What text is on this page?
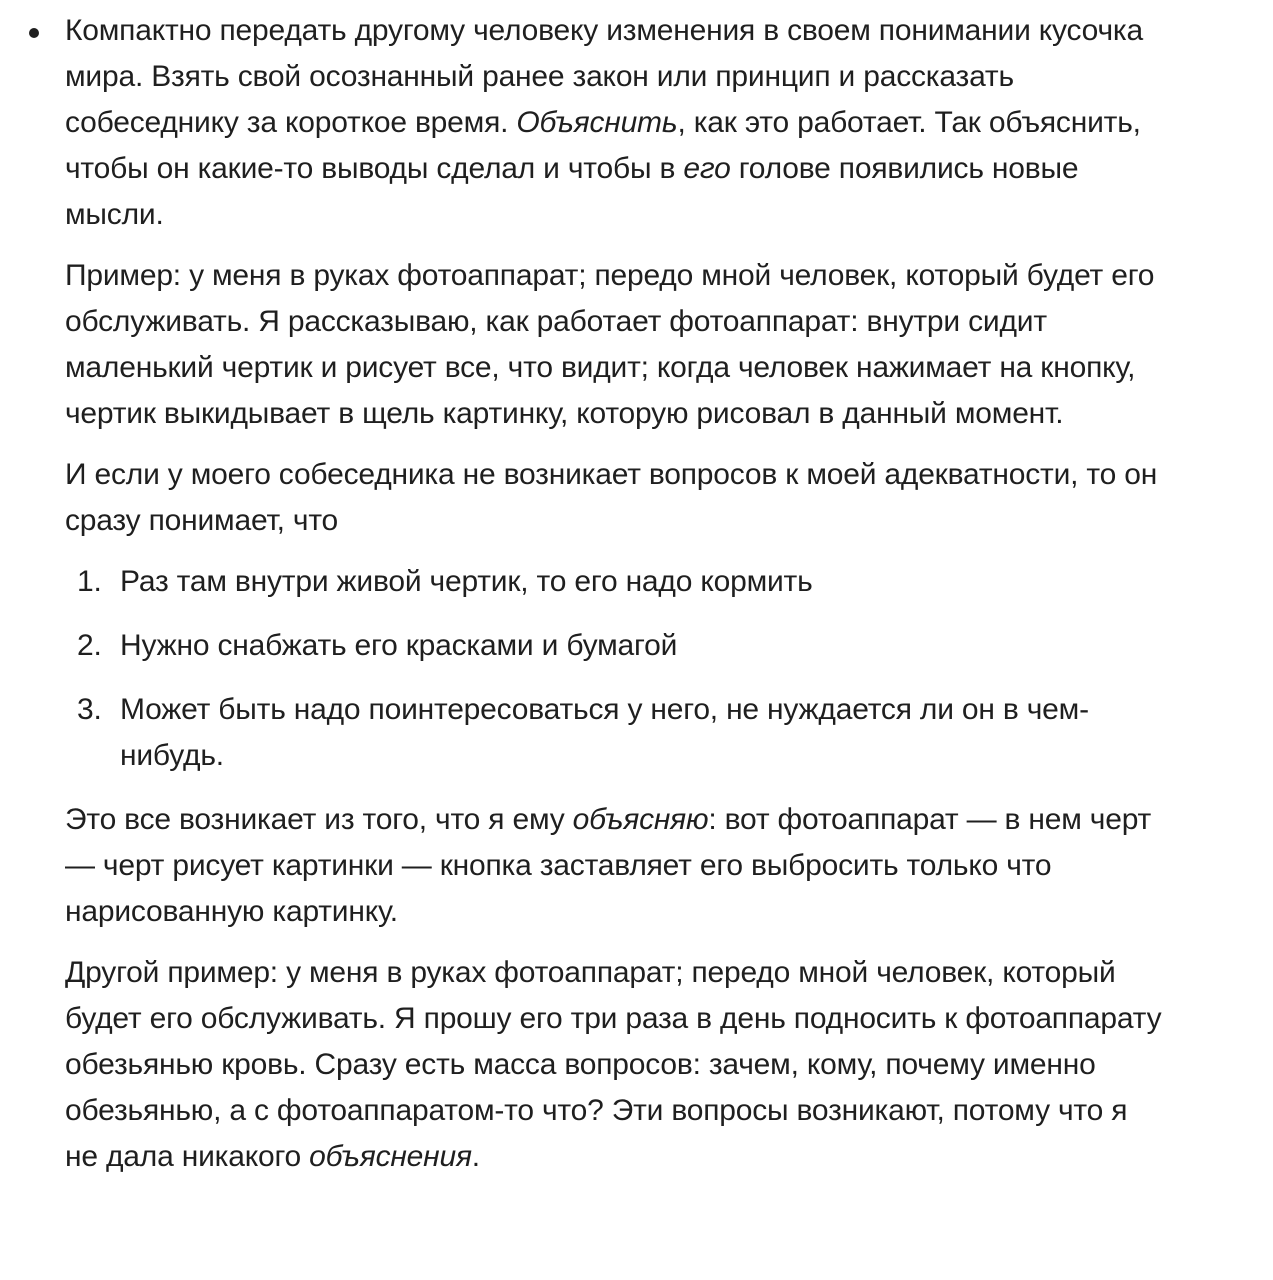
Компактно передать другому человеку изменения в своем понимании кусочка мира. Взять свой осознанный ранее закон или принцип и рассказать собеседнику за короткое время. Объяснить, как это работает. Так объяснить, чтобы он какие-то выводы сделал и чтобы в его голове появились новые мысли.

Пример: у меня в руках фотоаппарат; передо мной человек, который будет его обслуживать. Я рассказываю, как работает фотоаппарат: внутри сидит маленький чертик и рисует все, что видит; когда человек нажимает на кнопку, чертик выкидывает в щель картинку, которую рисовал в данный момент.

И если у моего собеседника не возникает вопросов к моей адекватности, то он сразу понимает, что

1. Раз там внутри живой чертик, то его надо кормить
2. Нужно снабжать его красками и бумагой
3. Может быть надо поинтересоваться у него, не нуждается ли он в чем-нибудь.

Это все возникает из того, что я ему объясняю: вот фотоаппарат — в нем черт — черт рисует картинки — кнопка заставляет его выбросить только что нарисованную картинку.

Другой пример: у меня в руках фотоаппарат; передо мной человек, который будет его обслуживать. Я прошу его три раза в день подносить к фотоаппарату обезьянью кровь. Сразу есть масса вопросов: зачем, кому, почему именно обезьянью, а с фотоаппаратом-то что? Эти вопросы возникают, потому что я не дала никакого объяснения.
